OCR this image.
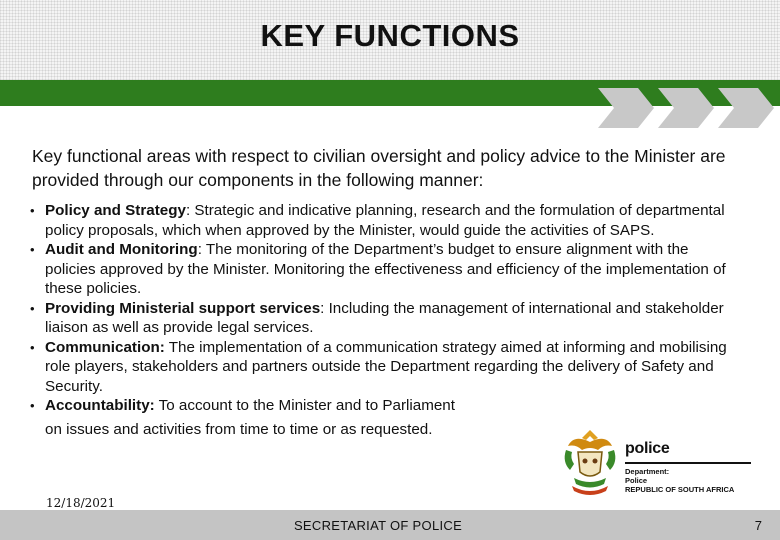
KEY FUNCTIONS
Key functional areas with respect to civilian oversight and policy advice to the Minister are provided through our components in the following manner:
• Policy and Strategy: Strategic and indicative planning, research and the formulation of departmental policy proposals, which when approved by the Minister, would guide the activities of SAPS.
• Audit and Monitoring: The monitoring of the Department’s budget to ensure alignment with the policies approved by the Minister. Monitoring the effectiveness and efficiency of the implementation of these policies.
• Providing Ministerial support services: Including the management of international and stakeholder liaison as well as provide legal services.
• Communication: The implementation of a communication strategy aimed at informing and mobilising role players, stakeholders and partners outside the Department regarding the delivery of Safety and Security.
• Accountability: To account to the Minister and to Parliament
on issues and activities from time to time or as requested.
police
Department:
Police
REPUBLIC OF SOUTH AFRICA
12/18/2021
SECRETARIAT OF POLICE	7
